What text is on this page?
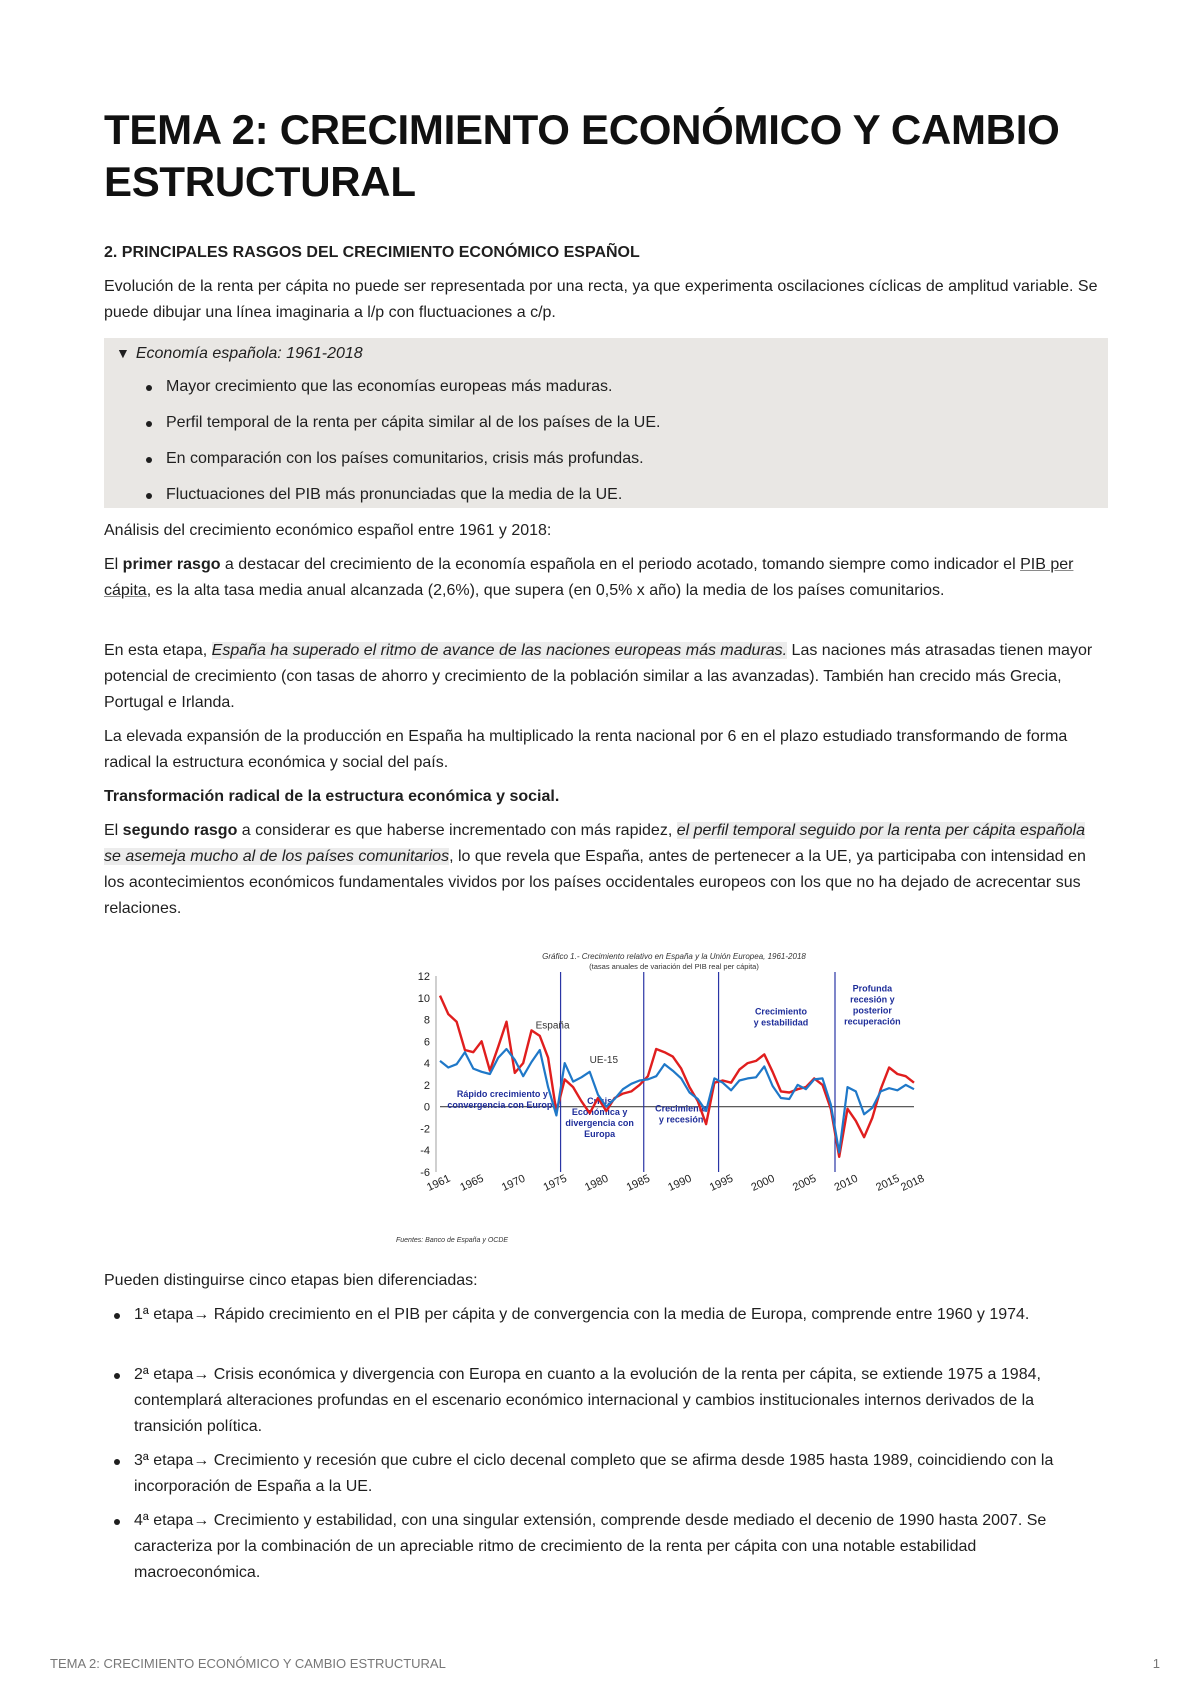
TEMA 2: CRECIMIENTO ECONÓMICO Y CAMBIO ESTRUCTURAL
2. PRINCIPALES RASGOS DEL CRECIMIENTO ECONÓMICO ESPAÑOL

Evolución de la renta per cápita no puede ser representada por una recta, ya que experimenta oscilaciones cíclicas de amplitud variable. Se puede dibujar una línea imaginaria a l/p con fluctuaciones a c/p.

▼ Economía española: 1961-2018
Mayor crecimiento que las economías europeas más maduras.
Perfil temporal de la renta per cápita similar al de los países de la UE.
En comparación con los países comunitarios, crisis más profundas.
Fluctuaciones del PIB más pronunciadas que la media de la UE.

Análisis del crecimiento económico español entre 1961 y 2018:

El primer rasgo a destacar del crecimiento de la economía española en el periodo acotado, tomando siempre como indicador el PIB per cápita, es la alta tasa media anual alcanzada (2,6%), que supera (en 0,5% x año) la media de los países comunitarios.

En esta etapa, España ha superado el ritmo de avance de las naciones europeas más maduras. Las naciones más atrasadas tienen mayor potencial de crecimiento (con tasas de ahorro y crecimiento de la población similar a las avanzadas). También han crecido más Grecia, Portugal e Irlanda.

La elevada expansión de la producción en España ha multiplicado la renta nacional por 6 en el plazo estudiado transformando de forma radical la estructura económica y social del país.

Transformación radical de la estructura económica y social.

El segundo rasgo a considerar es que haberse incrementado con más rapidez, el perfil temporal seguido por la renta per cápita española se asemeja mucho al de los países comunitarios, lo que revela que España, antes de pertenecer a la UE, ya participaba con intensidad en los acontecimientos económicos fundamentales vividos por los países occidentales europeos con los que no ha dejado de acrecentar sus relaciones.

Gráfico 1.- Crecimiento relativo en España y la Unión Europea, 1961-2018
(tasas anuales de variación del PIB real per cápita)
12
10
8
6
4
2
0
-2
-4
-6
1961 1965 1970 1975 1980 1985 1990 1995 2000 2005 2010 2015
2018
Rápido crecimiento y
convergencia con Europa	Crisis
Económica y
divergencia con
Europa
Crecimiento
y recesión
Crecimiento
y estabilidad
Profunda
recesión y
posterior
recuperación
España
UE-15
Fuentes: Banco de España y OCDE

Pueden distinguirse cinco etapas bien diferenciadas:

1ª etapa→ Rápido crecimiento en el PIB per cápita y de convergencia con la media de Europa, comprende entre 1960 y 1974.
2ª etapa→ Crisis económica y divergencia con Europa en cuanto a la evolución de la renta per cápita, se extiende 1975 a 1984, contemplará alteraciones profundas en el escenario económico internacional y cambios institucionales internos derivados de la transición política.
3ª etapa→ Crecimiento y recesión que cubre el ciclo decenal completo que se afirma desde 1985 hasta 1989, coincidiendo con la incorporación de España a la UE.
4ª etapa→ Crecimiento y estabilidad, con una singular extensión, comprende desde mediado el decenio de 1990 hasta 2007. Se caracteriza por la combinación de un apreciable ritmo de crecimiento de la renta per cápita con una notable estabilidad macroeconómica.
TEMA 2: CRECIMIENTO ECONÓMICO Y CAMBIO ESTRUCTURAL	1
